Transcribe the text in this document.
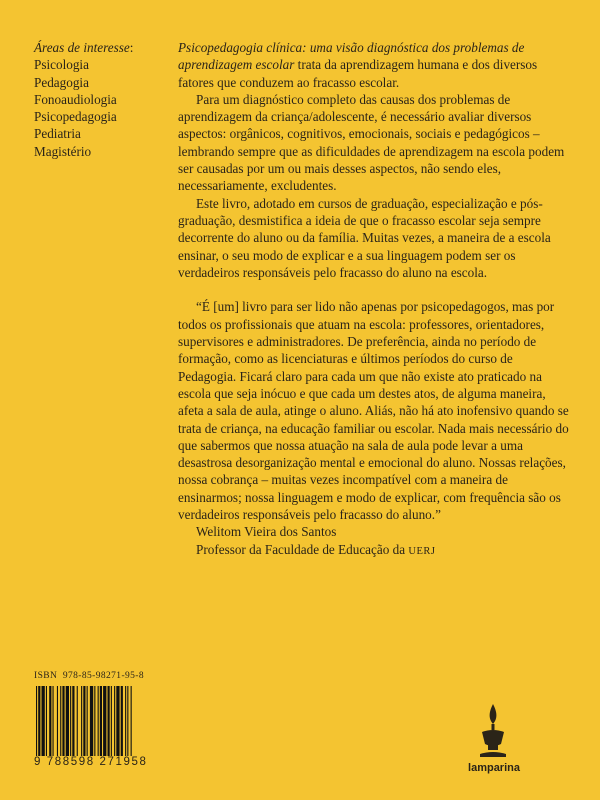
Áreas de interesse:
Psicologia
Pedagogia
Fonoaudiologia
Psicopedagogia
Pediatria
Magistério

Psicopedagogia clínica: uma visão diagnóstica dos problemas de aprendizagem escolar trata da aprendizagem humana e dos diversos fatores que conduzem ao fracasso escolar.

Para um diagnóstico completo das causas dos problemas de aprendizagem da criança/adolescente, é necessário avaliar diversos aspectos: orgânicos, cognitivos, emocionais, sociais e pedagógicos – lembrando sempre que as dificuldades de aprendizagem na escola podem ser causadas por um ou mais desses aspectos, não sendo eles, necessariamente, excludentes.

Este livro, adotado em cursos de graduação, especialização e pós-graduação, desmistifica a ideia de que o fracasso escolar seja sempre decorrente do aluno ou da família. Muitas vezes, a maneira de a escola ensinar, o seu modo de explicar e a sua linguagem podem ser os verdadeiros responsáveis pelo fracasso do aluno na escola.

“É [um] livro para ser lido não apenas por psicopedagogos, mas por todos os profissionais que atuam na escola: professores, orientadores, supervisores e administradores. De preferência, ainda no período de formação, como as licenciaturas e últimos períodos do curso de Pedagogia. Ficará claro para cada um que não existe ato praticado na escola que seja inócuo e que cada um destes atos, de alguma maneira, afeta a sala de aula, atinge o aluno. Aliás, não há ato inofensivo quando se trata de criança, na educação familiar ou escolar. Nada mais necessário do que sabermos que nossa atuação na sala de aula pode levar a uma desastrosa desorganização mental e emocional do aluno. Nossas relações, nossa cobrança – muitas vezes incompatível com a maneira de ensinarmos; nossa linguagem e modo de explicar, com frequência são os verdadeiros responsáveis pelo fracasso do aluno.”

Welitom Vieira dos Santos

Professor da Faculdade de Educação da UERJ

ISBN 978-85-98271-95-8
9 788598 271958	lamparina
